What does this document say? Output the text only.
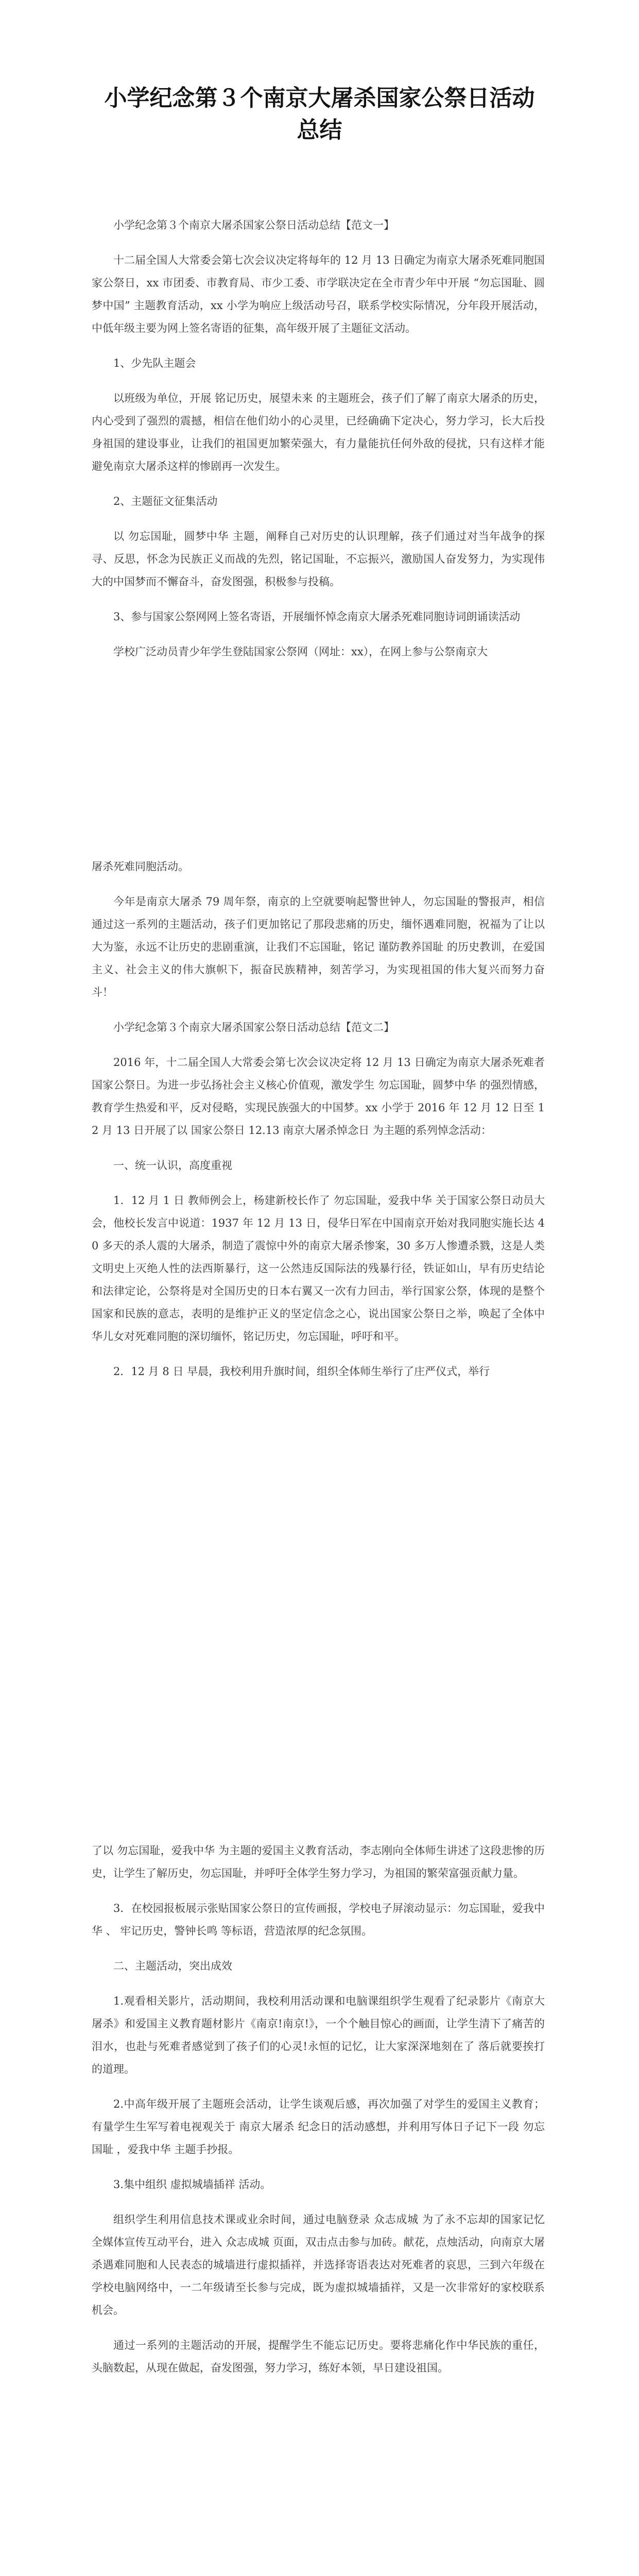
小学纪念第３个南京大屠杀国家公祭日活动
总结

小学纪念第３个南京大屠杀国家公祭日活动总结【范文一】

十二届全国人大常委会第七次会议决定将每年的 12 月 13 日确定为南京大屠杀死难同胞国家公祭日，xx 市团委、市教育局、市少工委、市学联决定在全市青少年中开展 “勿忘国耻、圆梦中国” 主题教育活动，xx 小学为响应上级活动号召，联系学校实际情况，分年段开展活动，中低年级主要为网上签名寄语的征集，高年级开展了主题征文活动。

1、少先队主题会

以班级为单位，开展 铭记历史，展望未来 的主题班会，孩子们了解了南京大屠杀的历史，内心受到了强烈的震撼，相信在他们幼小的心灵里，已经确确下定决心，努力学习，长大后投身祖国的建设事业，让我们的祖国更加繁荣强大，有力量能抗任何外敌的侵扰，只有这样才能避免南京大屠杀这样的惨剧再一次发生。

2、主题征文征集活动

以 勿忘国耻，圆梦中华 主题，阐释自己对历史的认识理解，孩子们通过对当年战争的探寻、反思，怀念为民族正义而战的先烈，铭记国耻，不忘振兴，激励国人奋发努力，为实现伟大的中国梦而不懈奋斗，奋发图强，积极参与投稿。

3、参与国家公祭网网上签名寄语，开展缅怀悼念南京大屠杀死难同胞诗词朗诵读活动

学校广泛动员青少年学生登陆国家公祭网（网址：xx），在网上参与公祭南京大

屠杀死难同胞活动。

今年是南京大屠杀 79 周年祭，南京的上空就要响起警世钟人，勿忘国耻的警报声，相信通过这一系列的主题活动，孩子们更加铭记了那段悲痛的历史，缅怀遇难同胞，祝福为了让以大为鉴，永远不让历史的悲剧重演，让我们不忘国耻，铭记 谨防教养国耻 的历史教训，在爱国主义、社会主义的伟大旗帜下，振奋民族精神，刻苦学习，为实现祖国的伟大复兴而努力奋斗！

小学纪念第３个南京大屠杀国家公祭日活动总结【范文二】

2016 年，十二届全国人大常委会第七次会议决定将 12 月 13 日确定为南京大屠杀死难者国家公祭日。为进一步弘扬社会主义核心价值观，激发学生 勿忘国耻，圆梦中华 的强烈情感，教育学生热爱和平，反对侵略，实现民族强大的中国梦。xx 小学于 2016 年 12 月 12 日至 12 月 13 日开展了以 国家公祭日 12.13 南京大屠杀悼念日 为主题的系列悼念活动：

一、统一认识，高度重视

1．12 月 1 日 教师例会上，杨建新校长作了 勿忘国耻，爱我中华 关于国家公祭日动员大会，他校长发言中说道：1937 年 12 月 13 日，侵华日军在中国南京开始对我同胞实施长达 40 多天的杀人震的大屠杀，制造了震惊中外的南京大屠杀惨案，30 多万人惨遭杀戮，这是人类文明史上灭绝人性的法西斯暴行，这一公然违反国际法的残暴行径，铁证如山，早有历史结论和法律定论，公祭将是对全国历史的日本右翼又一次有力回击，举行国家公祭，体现的是整个国家和民族的意志，表明的是维护正义的坚定信念之心，说出国家公祭日之举，唤起了全体中华儿女对死难同胞的深切缅怀，铭记历史，勿忘国耻，呼吁和平。

2．12 月 8 日 早晨，我校利用升旗时间，组织全体师生举行了庄严仪式，举行

了以 勿忘国耻，爱我中华 为主题的爱国主义教育活动，李志刚向全体师生讲述了这段悲惨的历史，让学生了解历史，勿忘国耻，并呼吁全体学生努力学习，为祖国的繁荣富强贡献力量。

3．在校园报板展示张贴国家公祭日的宣传画报，学校电子屏滚动显示：勿忘国耻，爱我中华 、 牢记历史，警钟长鸣 等标语，营造浓厚的纪念氛围。

二、主题活动，突出成效

1.观看相关影片，活动期间，我校利用活动课和电脑课组织学生观看了纪录影片《南京大屠杀》和爱国主义教育题材影片《南京!南京!》，一个个触目惊心的画面，让学生清下了痛苦的泪水，也赴与死难者感觉到了孩子们的心灵!永恒的记忆，让大家深深地刻在了 落后就要挨打 的道理。

2.中高年级开展了主题班会活动，让学生谈观后感，再次加强了对学生的爱国主义教育；有量学生生军写着电视观关于 南京大屠杀 纪念日的活动感想，并利用写体日子记下一段 勿忘国耻 ，爱我中华 主题手抄报。

3.集中组织 虚拟城墙插祥 活动。

组织学生利用信息技术课或业余时间，通过电脑登录 众志成城 为了永不忘却的国家记忆 全媒体宣传互动平台，进入 众志成城 页面，双击点击参与加砖。献花，点烛活动，向南京大屠杀遇难同胞和人民表态的城墙进行虚拟插祥，并选择寄语表达对死难者的哀思，三到六年级在学校电脑网络中，一二年级请至长参与完成，既为虚拟城墙插祥，又是一次非常好的家校联系机会。

通过一系列的主题活动的开展，提醒学生不能忘记历史。要将悲痛化作中华民族的重任，头脑数起，从现在做起，奋发图强，努力学习，练好本领，早日建设祖国。
